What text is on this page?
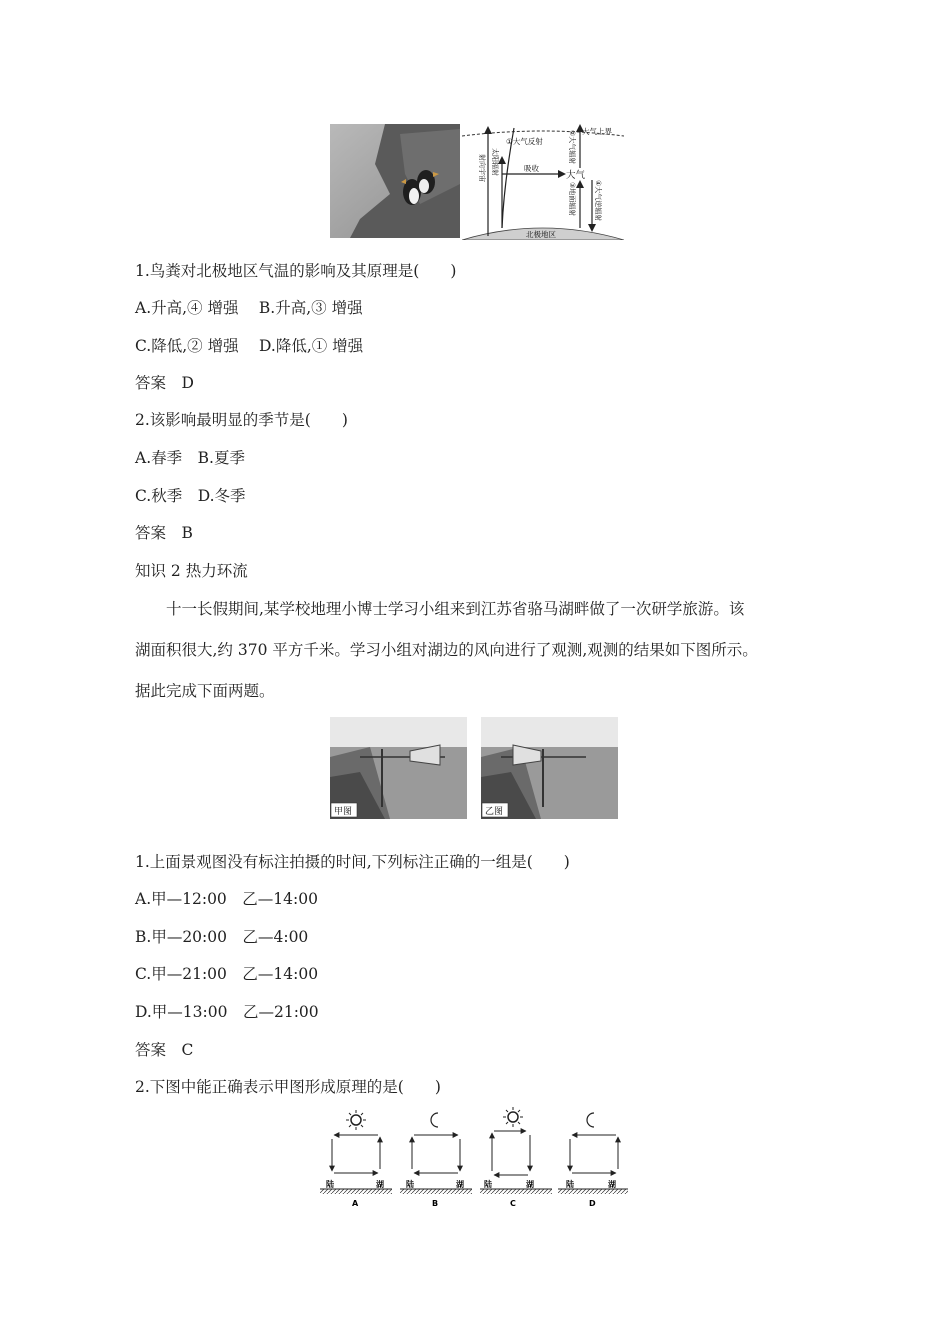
大气上界
①大气反射
吸收
大气
北极地区
射向宇宙 太阳辐射	②大气辐射
③地面辐射	④大气逆辐射
1.鸟粪对北极地区气温的影响及其原理是(　　)
A.升高,④ 增强　 B.升高,③ 增强
C.降低,② 增强　 D.降低,① 增强
答案　D
2.该影响最明显的季节是(　　)
A.春季　B.夏季
C.秋季　D.冬季
答案　B
知识 2 热力环流
　　十一长假期间,某学校地理小博士学习小组来到江苏省骆马湖畔做了一次研学旅游。该
湖面积很大,约 370 平方千米。学习小组对湖边的风向进行了观测,观测的结果如下图所示。
据此完成下面两题。
甲图	乙图
1.上面景观图没有标注拍摄的时间,下列标注正确的一组是(　　)
A.甲—12:00　乙—14:00
B.甲—20:00　乙—4:00
C.甲—21:00　乙—14:00
D.甲—13:00　乙—21:00
答案　C
2.下图中能正确表示甲图形成原理的是(　　)
陆	湖
A
陆	湖
B
陆	湖
C
陆	湖
D
